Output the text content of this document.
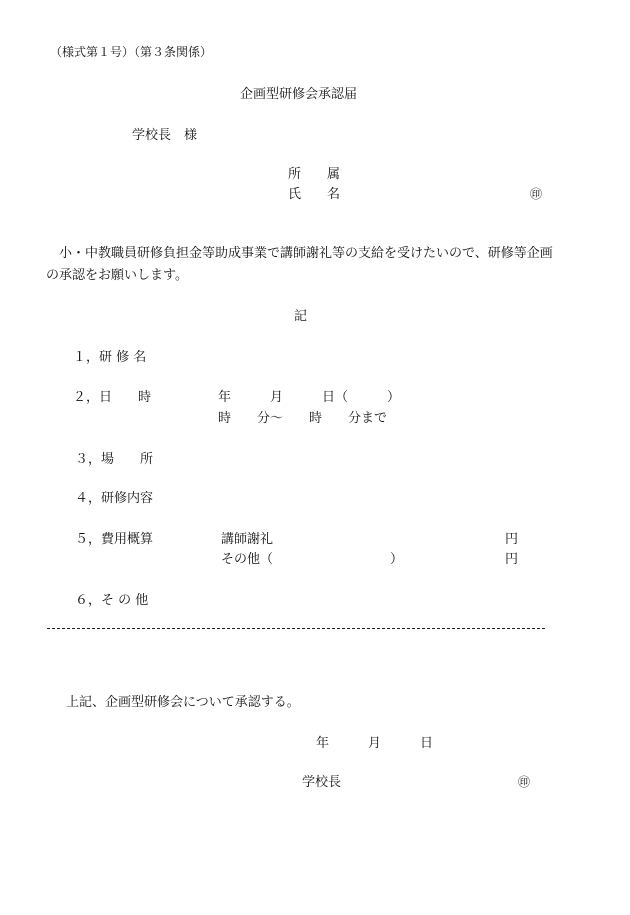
（様式第１号）（第３条関係）
企画型研修会承認届
学校長　様
所　　属
氏　　名	㊞
小・中教職員研修負担金等助成事業で講師謝礼等の支給を受けたいので、研修等企画の承認をお願いします。
記
１，研 修 名
２，日　　時	年　　　月　　　日（　　　）
時　　分～　　時　　分まで
３，場　　所
４，研修内容
５，費用概算	講師謝礼	円
その他（　　　　　　　　　）	円
６，そ の 他
上記、企画型研修会について承認する。
年　　　月　　　日
学校長	㊞
